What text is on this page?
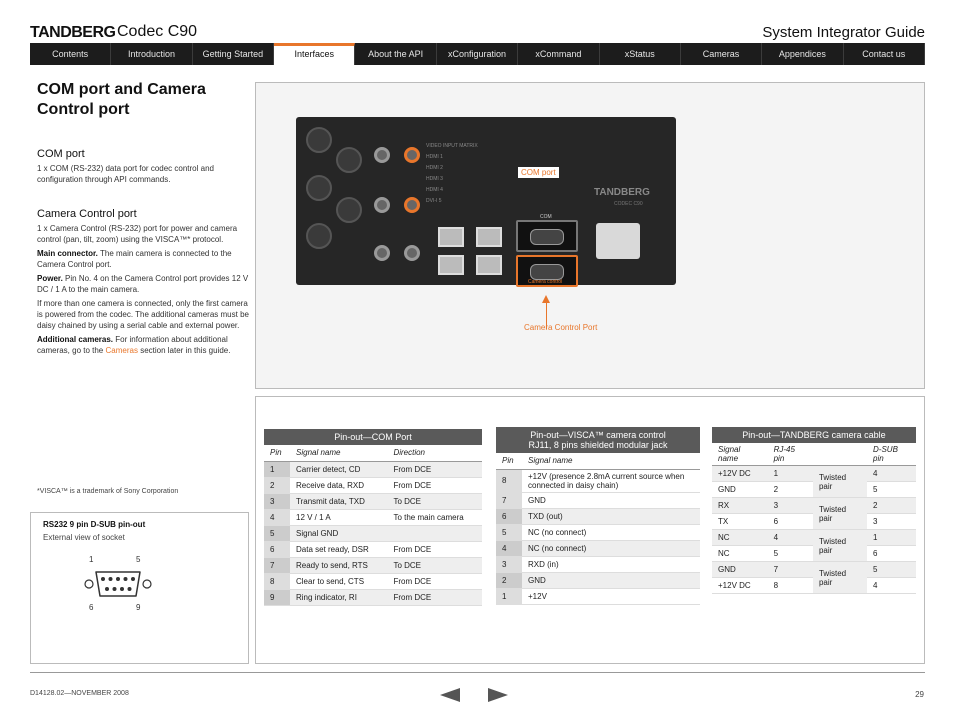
TANDBERG Codec C90	System Integrator Guide
Contents	Introduction	Getting Started	Interfaces	About the API	xConfiguration	xCommand	xStatus	Cameras	Appendices	Contact us
COM port and Camera Control port
COM port

1 x COM (RS-232) data port for codec control and configuration through API commands.

Camera Control port

1 x Camera Control (RS-232) port for power and camera control (pan, tilt, zoom) using the VISCA™* protocol.

Main connector. The main camera is connected to the Camera Control port.

Power. Pin No. 4 on the Camera Control port provides 12 V DC / 1 A to the main camera.

If more than one camera is connected, only the first camera is powered from the codec. The additional cameras must be daisy chained by using a serial cable and external power.

Additional cameras. For information about additional cameras, go to the Cameras section later in this guide.

VIDEO INPUT MATRIX
HDMI 1
HDMI 2
HDMI 3
HDMI 4
DVI-I 5
COM
Camera control
TANDBERG
CODEC C90
COM port
Camera Control Port
*VISCA™ is a trademark of Sony Corporation
RS232 9 pin D-SUB pin-out
External view of socket
1	5
6	9
Pin-out—COM Port		
Pin	Signal name	Direction
1	Carrier detect, CD	From DCE
2	Receive data, RXD	From DCE
3	Transmit data, TXD	To DCE
4	12 V / 1 A	To the main camera
5	Signal GND	
6	Data set ready, DSR	From DCE
7	Ready to send, RTS	To DCE
8	Clear to send, CTS	From DCE
9	Ring indicator, RI	From DCE
Pin-out—VISCA™ camera control
RJ11, 8 pins shielded modular jack	
Pin	Signal name
8	+12V (presence 2.8mA current source when connected in daisy chain)
7	GND
6	TXD (out)
5	NC (no connect)
4	NC (no connect)
3	RXD (in)
2	GND
1	+12V
Pin-out—TANDBERG camera cable			
Signal name	RJ-45 pin		D-SUB pin
+12V DC	1	Twisted pair	4
GND	2		5
RX	3	Twisted pair	2
TX	6		3
NC	4	Twisted pair	1
NC	5		6
GND	7	Twisted pair	5
+12V DC	8		4
D14128.02—NOVEMBER 2008	29
